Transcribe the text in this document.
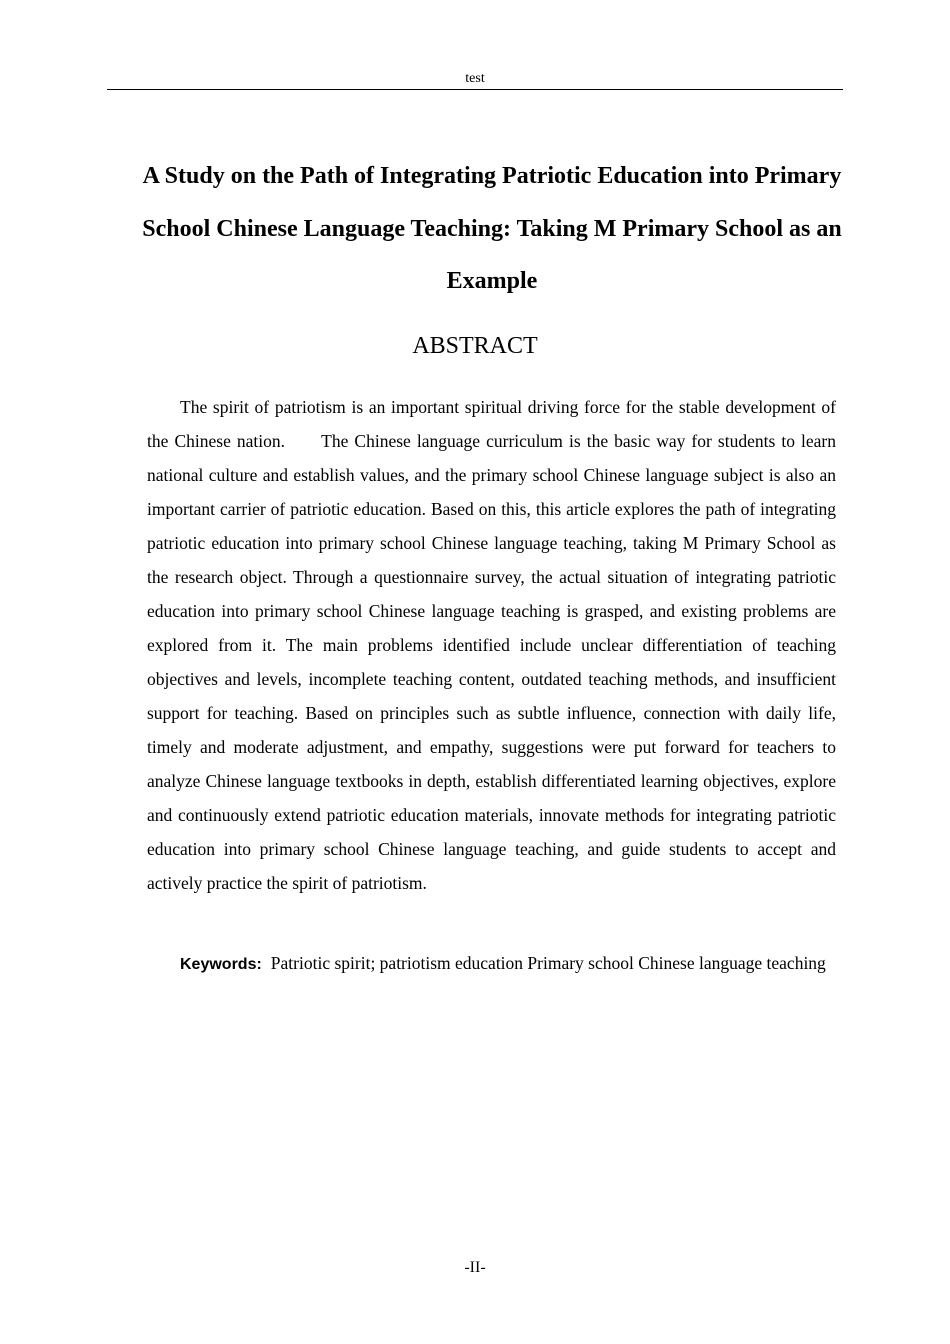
test
A Study on the Path of Integrating Patriotic Education into Primary School Chinese Language Teaching: Taking M Primary School as an Example
ABSTRACT

The spirit of patriotism is an important spiritual driving force for the stable development of the Chinese nation.      The Chinese language curriculum is the basic way for students to learn national culture and establish values, and the primary school Chinese language subject is also an important carrier of patriotic education. Based on this, this article explores the path of integrating patriotic education into primary school Chinese language teaching, taking M Primary School as the research object. Through a questionnaire survey, the actual situation of integrating patriotic education into primary school Chinese language teaching is grasped, and existing problems are explored from it. The main problems identified include unclear differentiation of teaching objectives and levels, incomplete teaching content, outdated teaching methods, and insufficient support for teaching. Based on principles such as subtle influence, connection with daily life, timely and moderate adjustment, and empathy, suggestions were put forward for teachers to analyze Chinese language textbooks in depth, establish differentiated learning objectives, explore and continuously extend patriotic education materials, innovate methods for integrating patriotic education into primary school Chinese language teaching, and guide students to accept and actively practice the spirit of patriotism.

Keywords: Patriotic spirit; patriotism education Primary school Chinese language teaching

-II-
